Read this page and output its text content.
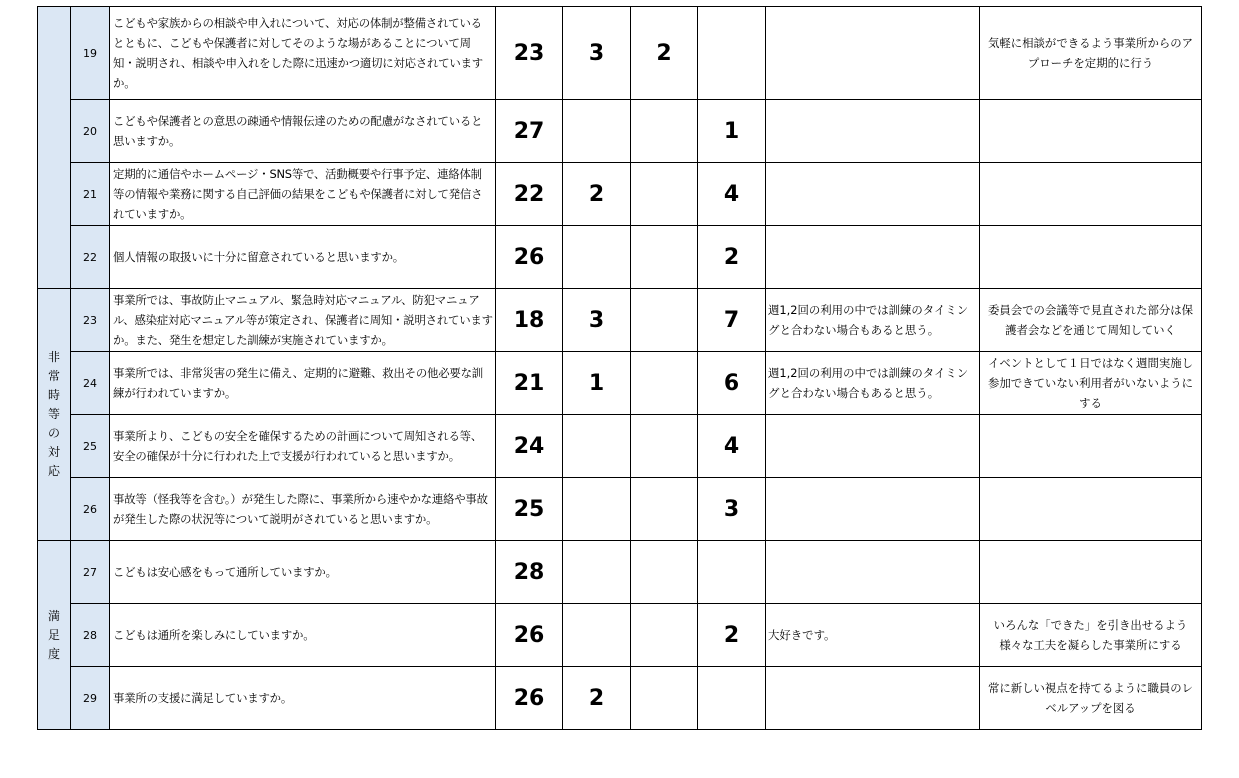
	19	こどもや家族からの相談や申入れについて、対応の体制が整備されているとともに、こどもや保護者に対してそのような場があることについて周知・説明され、相談や申入れをした際に迅速かつ適切に対応されていますか。	23	3	2			気軽に相談ができるよう事業所からのアプローチを定期的に行う
	20	こどもや保護者との意思の疎通や情報伝達のための配慮がなされていると思いますか。	27			1		
	21	定期的に通信やホームページ・SNS等で、活動概要や行事予定、連絡体制等の情報や業務に関する自己評価の結果をこどもや保護者に対して発信されていますか。	22	2		4		
	22	個人情報の取扱いに十分に留意されていると思いますか。	26			2		
非常時等の対応	23	事業所では、事故防止マニュアル、緊急時対応マニュアル、防犯マニュアル、感染症対応マニュアル等が策定され、保護者に周知・説明されていますか。また、発生を想定した訓練が実施されていますか。	18	3		7	週1,2回の利用の中では訓練のタイミングと合わない場合もあると思う。	委員会での会議等で見直された部分は保護者会などを通じて周知していく
	24	事業所では、非常災害の発生に備え、定期的に避難、救出その他必要な訓練が行われていますか。	21	1		6	週1,2回の利用の中では訓練のタイミングと合わない場合もあると思う。	イベントとして１日ではなく週間実施し参加できていない利用者がいないようにする
	25	事業所より、こどもの安全を確保するための計画について周知される等、安全の確保が十分に行われた上で支援が行われていると思いますか。	24			4		
	26	事故等（怪我等を含む。）が発生した際に、事業所から速やかな連絡や事故が発生した際の状況等について説明がされていると思いますか。	25			3		
満足度	27	こどもは安心感をもって通所していますか。	28					
	28	こどもは通所を楽しみにしていますか。	26			2	大好きです。	いろんな「できた」を引き出せるよう様々な工夫を凝らした事業所にする
	29	事業所の支援に満足していますか。	26	2				常に新しい視点を持てるように職員のレベルアップを図る
